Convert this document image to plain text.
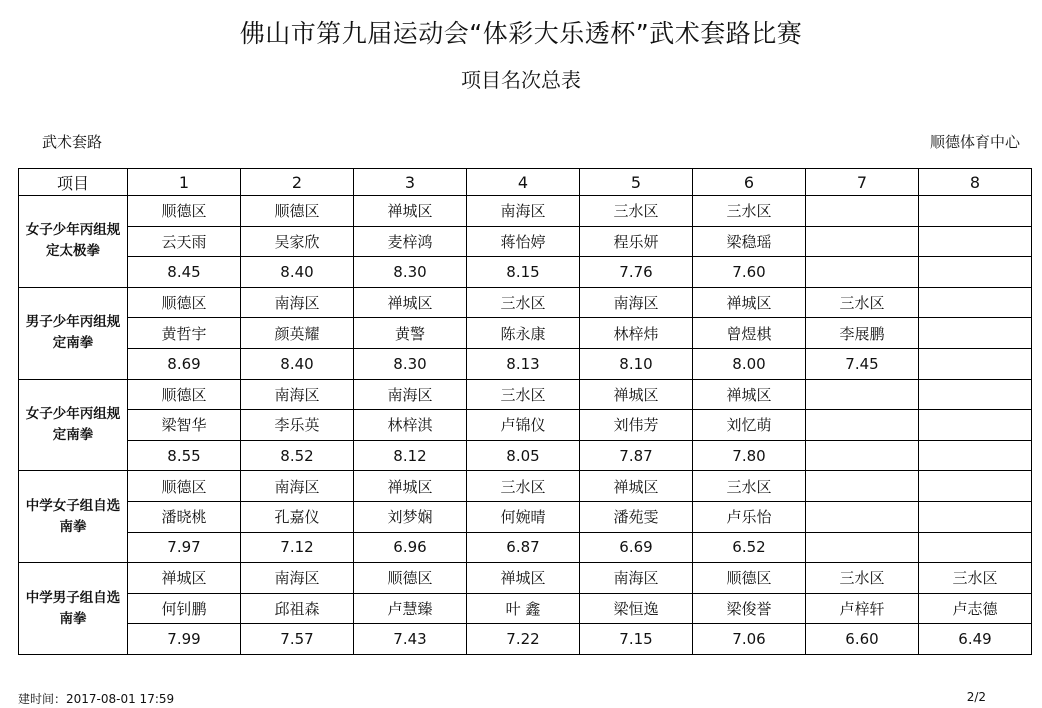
佛山市第九届运动会“体彩大乐透杯”武术套路比赛
项目名次总表
武术套路	顺德体育中心
项目	1	2	3	4	5	6	7	8
女子少年丙组规定太极拳	顺德区	顺德区	禅城区	南海区	三水区	三水区		
	云天雨	吴家欣	麦梓鸿	蒋怡婷	程乐妍	梁稳瑶		
	8.45	8.40	8.30	8.15	7.76	7.60		
男子少年丙组规定南拳	顺德区	南海区	禅城区	三水区	南海区	禅城区	三水区	
	黄哲宇	颜英耀	黄警	陈永康	林梓炜	曾煜棋	李展鹏	
	8.69	8.40	8.30	8.13	8.10	8.00	7.45	
女子少年丙组规定南拳	顺德区	南海区	南海区	三水区	禅城区	禅城区		
	梁智华	李乐英	林梓淇	卢锦仪	刘伟芳	刘忆萌		
	8.55	8.52	8.12	8.05	7.87	7.80		
中学女子组自选南拳	顺德区	南海区	禅城区	三水区	禅城区	三水区		
	潘晓桃	孔嘉仪	刘梦娴	何婉晴	潘苑雯	卢乐怡		
	7.97	7.12	6.96	6.87	6.69	6.52		
中学男子组自选南拳	禅城区	南海区	顺德区	禅城区	南海区	顺德区	三水区	三水区
	何钊鹏	邱祖森	卢慧臻	叶 鑫	梁恒逸	梁俊誉	卢梓轩	卢志德
	7.99	7.57	7.43	7.22	7.15	7.06	6.60	6.49
建时间：2017-08-01 17:59	2/2
